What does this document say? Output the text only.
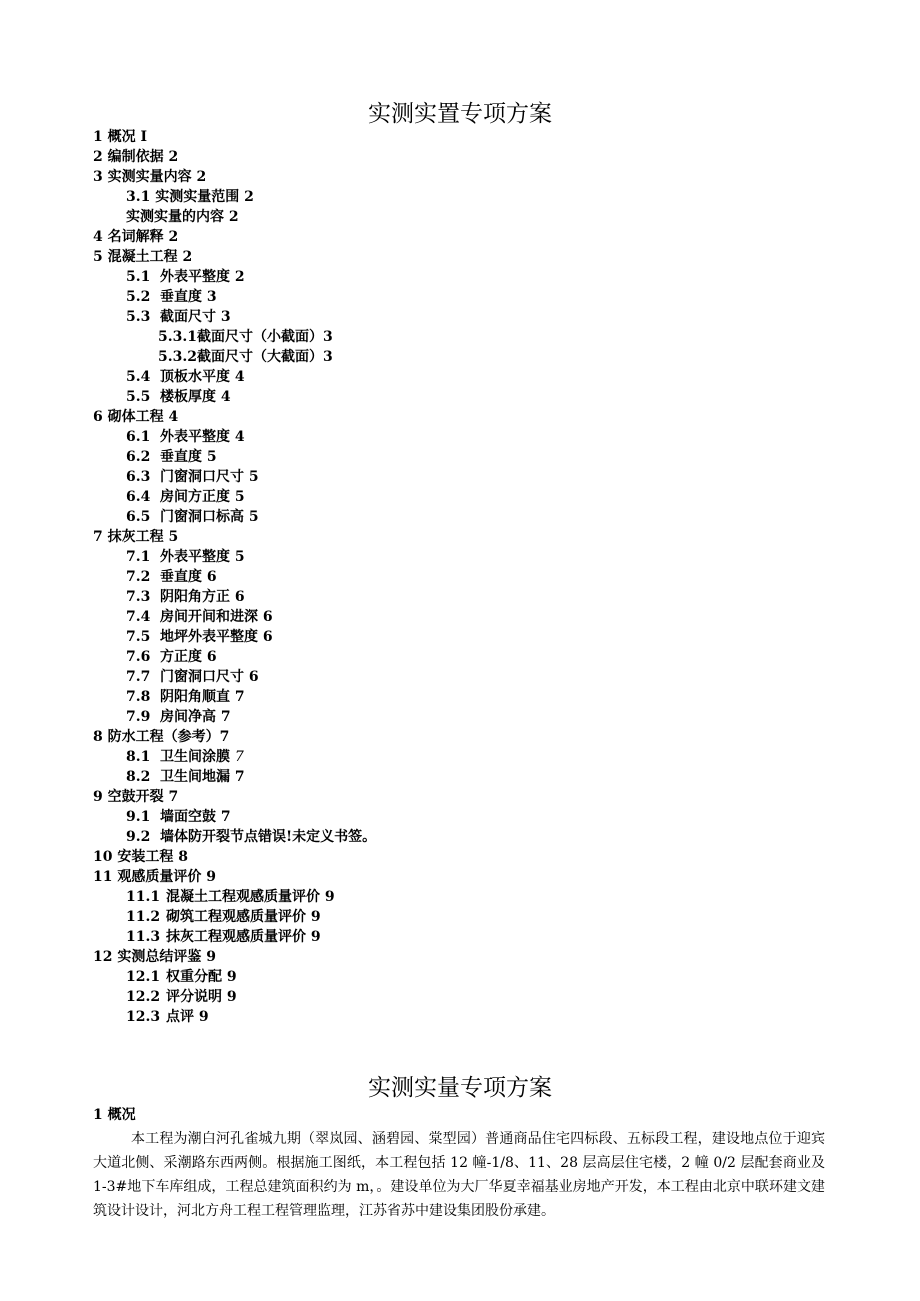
实测实置专项方案
1 概况 I
2 编制依据 2
3 实测实量内容 2
3.1 实测实量范围 2
实测实量的内容 2
4 名词解释 2
5 混凝土工程 2
5.1 外表平整度 2
5.2 垂直度 3
5.3 截面尺寸 3
5.3.1截面尺寸（小截面）3
5.3.2截面尺寸（大截面）3
5.4 顶板水平度 4
5.5 楼板厚度 4
6 砌体工程 4
6.1 外表平整度 4
6.2 垂直度 5
6.3 门窗洞口尺寸 5
6.4 房间方正度 5
6.5 门窗洞口标高 5
7 抹灰工程 5
7.1 外表平整度 5
7.2 垂直度 6
7.3 阴阳角方正 6
7.4 房间开间和进深 6
7.5 地坪外表平整度 6
7.6 方正度 6
7.7 门窗洞口尺寸 6
7.8 阴阳角顺直 7
7.9 房间净高 7
8 防水工程（参考）7
8.1 卫生间涂膜 7
8.2 卫生间地漏 7
9 空鼓开裂 7
9.1 墙面空鼓 7
9.2 墙体防开裂节点错误!未定义书签。
10 安装工程 8
11 观感质量评价 9
11.1 混凝土工程观感质量评价 9
11.2 砌筑工程观感质量评价 9
11.3 抹灰工程观感质量评价 9
12 实测总结评鉴 9
12.1 权重分配 9
12.2 评分说明 9
12.3 点评 9
实测实量专项方案
1 概况
本工程为潮白河孔雀城九期（翠岚园、涵碧园、棠型园）普通商品住宅四标段、五标段工程，建设地点位于迎宾大道北侧、采潮路东西两侧。根据施工图纸，本工程包括 12 幢-1/8、11、28 层高层住宅楼，2 幢 0/2 层配套商业及 1-3#地下车库组成，工程总建筑面积约为 m，。建设单位为大厂华夏幸福基业房地产开发，本工程由北京中联环建文建筑设计设计，河北方舟工程工程管理监理，江苏省苏中建设集团股份承建。
